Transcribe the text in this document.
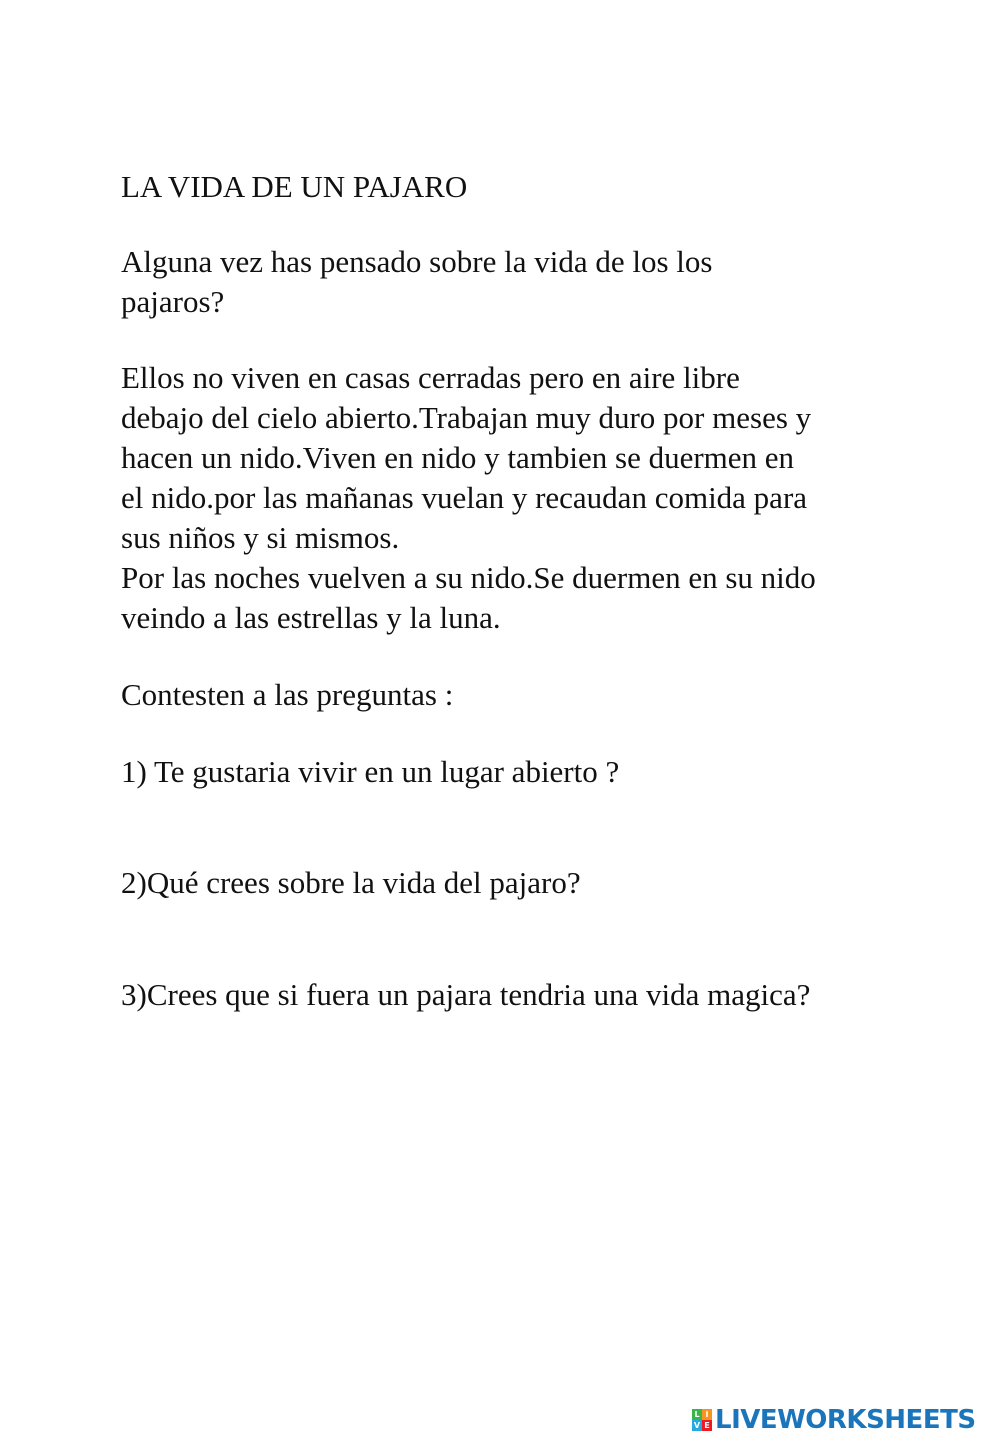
LA VIDA DE UN PAJARO
Alguna vez has pensado sobre la vida de los los
pajaros?
Ellos no viven en casas cerradas pero en aire libre
debajo del cielo abierto.Trabajan muy duro por meses y
hacen un nido.Viven en nido y tambien se duermen en
el nido.por las mañanas vuelan y recaudan comida para
sus niños y si mismos.
Por las noches vuelven a su nido.Se duermen en su nido
veindo a las estrellas y la luna.
Contesten a las preguntas :
1) Te gustaria vivir en un lugar abierto ?
2)Qué crees sobre la vida del pajaro?
3)Crees que si fuera un pajara tendria una vida magica?
L I
V E LIVEWORKSHEETS
